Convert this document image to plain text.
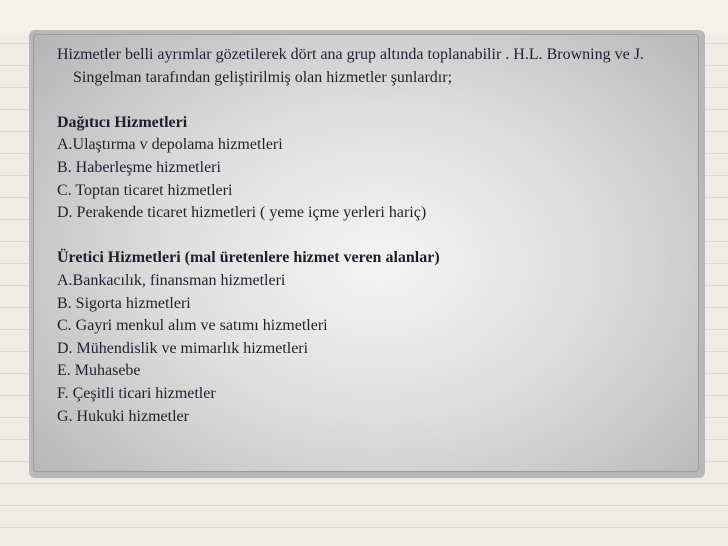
Hizmetler belli ayrımlar gözetilerek dört ana grup altında toplanabilir . H.L. Browning ve J. Singelman tarafından geliştirilmiş olan hizmetler şunlardır;

Dağıtıcı Hizmetleri

A.Ulaştırma v depolama hizmetleri

B. Haberleşme hizmetleri

C. Toptan ticaret hizmetleri

D. Perakende ticaret hizmetleri ( yeme içme yerleri hariç)

Üretici Hizmetleri (mal üretenlere hizmet veren alanlar)

A.Bankacılık, finansman hizmetleri

B. Sigorta hizmetleri

C. Gayri menkul alım ve satımı hizmetleri

D. Mühendislik ve mimarlık hizmetleri

E. Muhasebe

F. Çeşitli ticari hizmetler

G. Hukuki hizmetler
